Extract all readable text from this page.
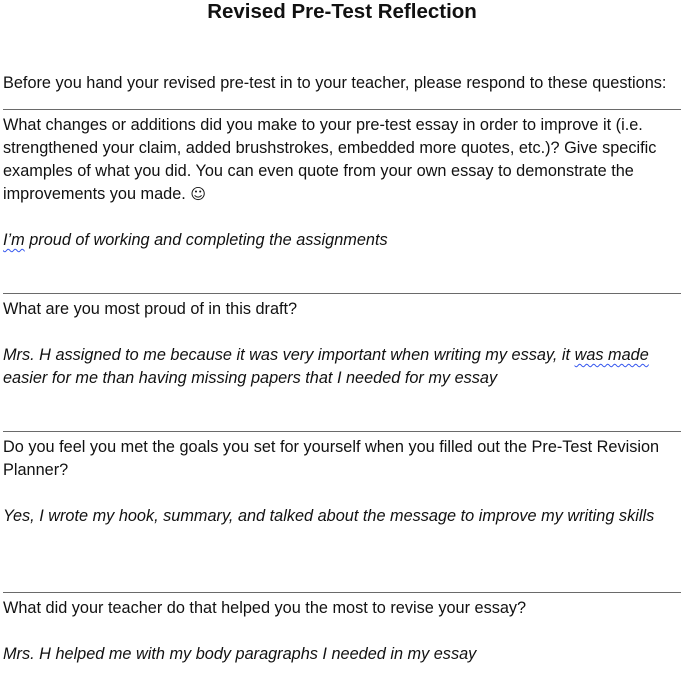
Revised Pre-Test Reflection

Before you hand your revised pre-test in to your teacher, please respond to these questions:

What changes or additions did you make to your pre-test essay in order to improve it (i.e. strengthened your claim, added brushstrokes, embedded more quotes, etc.)? Give specific examples of what you did. You can even quote from your own essay to demonstrate the improvements you made. ☺

I’m proud of working and completing the assignments

What are you most proud of in this draft?

Mrs. H assigned to me because it was very important when writing my essay, it was made easier for me than having missing papers that I needed for my essay

Do you feel you met the goals you set for yourself when you filled out the Pre-Test Revision Planner?

Yes, I wrote my hook, summary, and talked about the message to improve my writing skills

What did your teacher do that helped you the most to revise your essay?

Mrs. H helped me with my body paragraphs I needed in my essay
